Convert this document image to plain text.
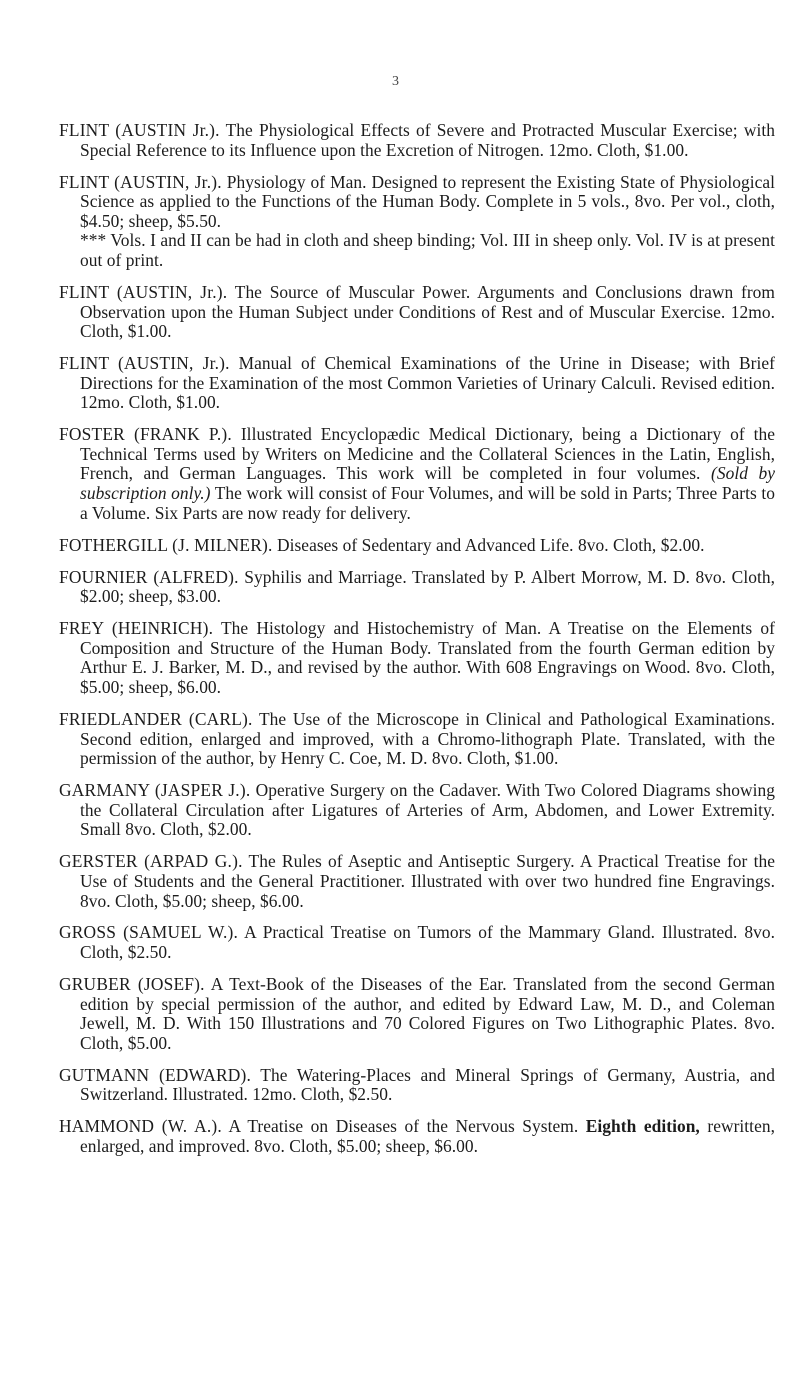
3

FLINT (AUSTIN Jr.). The Physiological Effects of Severe and Protracted Muscular Exercise; with Special Reference to its Influence upon the Excretion of Nitrogen. 12mo. Cloth, $1.00.

FLINT (AUSTIN, Jr.). Physiology of Man. Designed to represent the Existing State of Physiological Science as applied to the Functions of the Human Body. Complete in 5 vols., 8vo. Per vol., cloth, $4.50; sheep, $5.50.
*** Vols. I and II can be had in cloth and sheep binding; Vol. III in sheep only. Vol. IV is at present out of print.

FLINT (AUSTIN, Jr.). The Source of Muscular Power. Arguments and Conclusions drawn from Observation upon the Human Subject under Conditions of Rest and of Muscular Exercise. 12mo. Cloth, $1.00.

FLINT (AUSTIN, Jr.). Manual of Chemical Examinations of the Urine in Disease; with Brief Directions for the Examination of the most Common Varieties of Urinary Calculi. Revised edition. 12mo. Cloth, $1.00.

FOSTER (FRANK P.). Illustrated Encyclopædic Medical Dictionary, being a Dictionary of the Technical Terms used by Writers on Medicine and the Collateral Sciences in the Latin, English, French, and German Languages. This work will be completed in four volumes. (Sold by subscription only.) The work will consist of Four Volumes, and will be sold in Parts; Three Parts to a Volume. Six Parts are now ready for delivery.

FOTHERGILL (J. MILNER). Diseases of Sedentary and Advanced Life. 8vo. Cloth, $2.00.

FOURNIER (ALFRED). Syphilis and Marriage. Translated by P. Albert Morrow, M. D. 8vo. Cloth, $2.00; sheep, $3.00.

FREY (HEINRICH). The Histology and Histochemistry of Man. A Treatise on the Elements of Composition and Structure of the Human Body. Translated from the fourth German edition by Arthur E. J. Barker, M. D., and revised by the author. With 608 Engravings on Wood. 8vo. Cloth, $5.00; sheep, $6.00.

FRIEDLANDER (CARL). The Use of the Microscope in Clinical and Pathological Examinations. Second edition, enlarged and improved, with a Chromo-lithograph Plate. Translated, with the permission of the author, by Henry C. Coe, M. D. 8vo. Cloth, $1.00.

GARMANY (JASPER J.). Operative Surgery on the Cadaver. With Two Colored Diagrams showing the Collateral Circulation after Ligatures of Arteries of Arm, Abdomen, and Lower Extremity. Small 8vo. Cloth, $2.00.

GERSTER (ARPAD G.). The Rules of Aseptic and Antiseptic Surgery. A Practical Treatise for the Use of Students and the General Practitioner. Illustrated with over two hundred fine Engravings. 8vo. Cloth, $5.00; sheep, $6.00.

GROSS (SAMUEL W.). A Practical Treatise on Tumors of the Mammary Gland. Illustrated. 8vo. Cloth, $2.50.

GRUBER (JOSEF). A Text-Book of the Diseases of the Ear. Translated from the second German edition by special permission of the author, and edited by Edward Law, M. D., and Coleman Jewell, M. D. With 150 Illustrations and 70 Colored Figures on Two Lithographic Plates. 8vo. Cloth, $5.00.

GUTMANN (EDWARD). The Watering-Places and Mineral Springs of Germany, Austria, and Switzerland. Illustrated. 12mo. Cloth, $2.50.

HAMMOND (W. A.). A Treatise on Diseases of the Nervous System. Eighth edition, rewritten, enlarged, and improved. 8vo. Cloth, $5.00; sheep, $6.00.
